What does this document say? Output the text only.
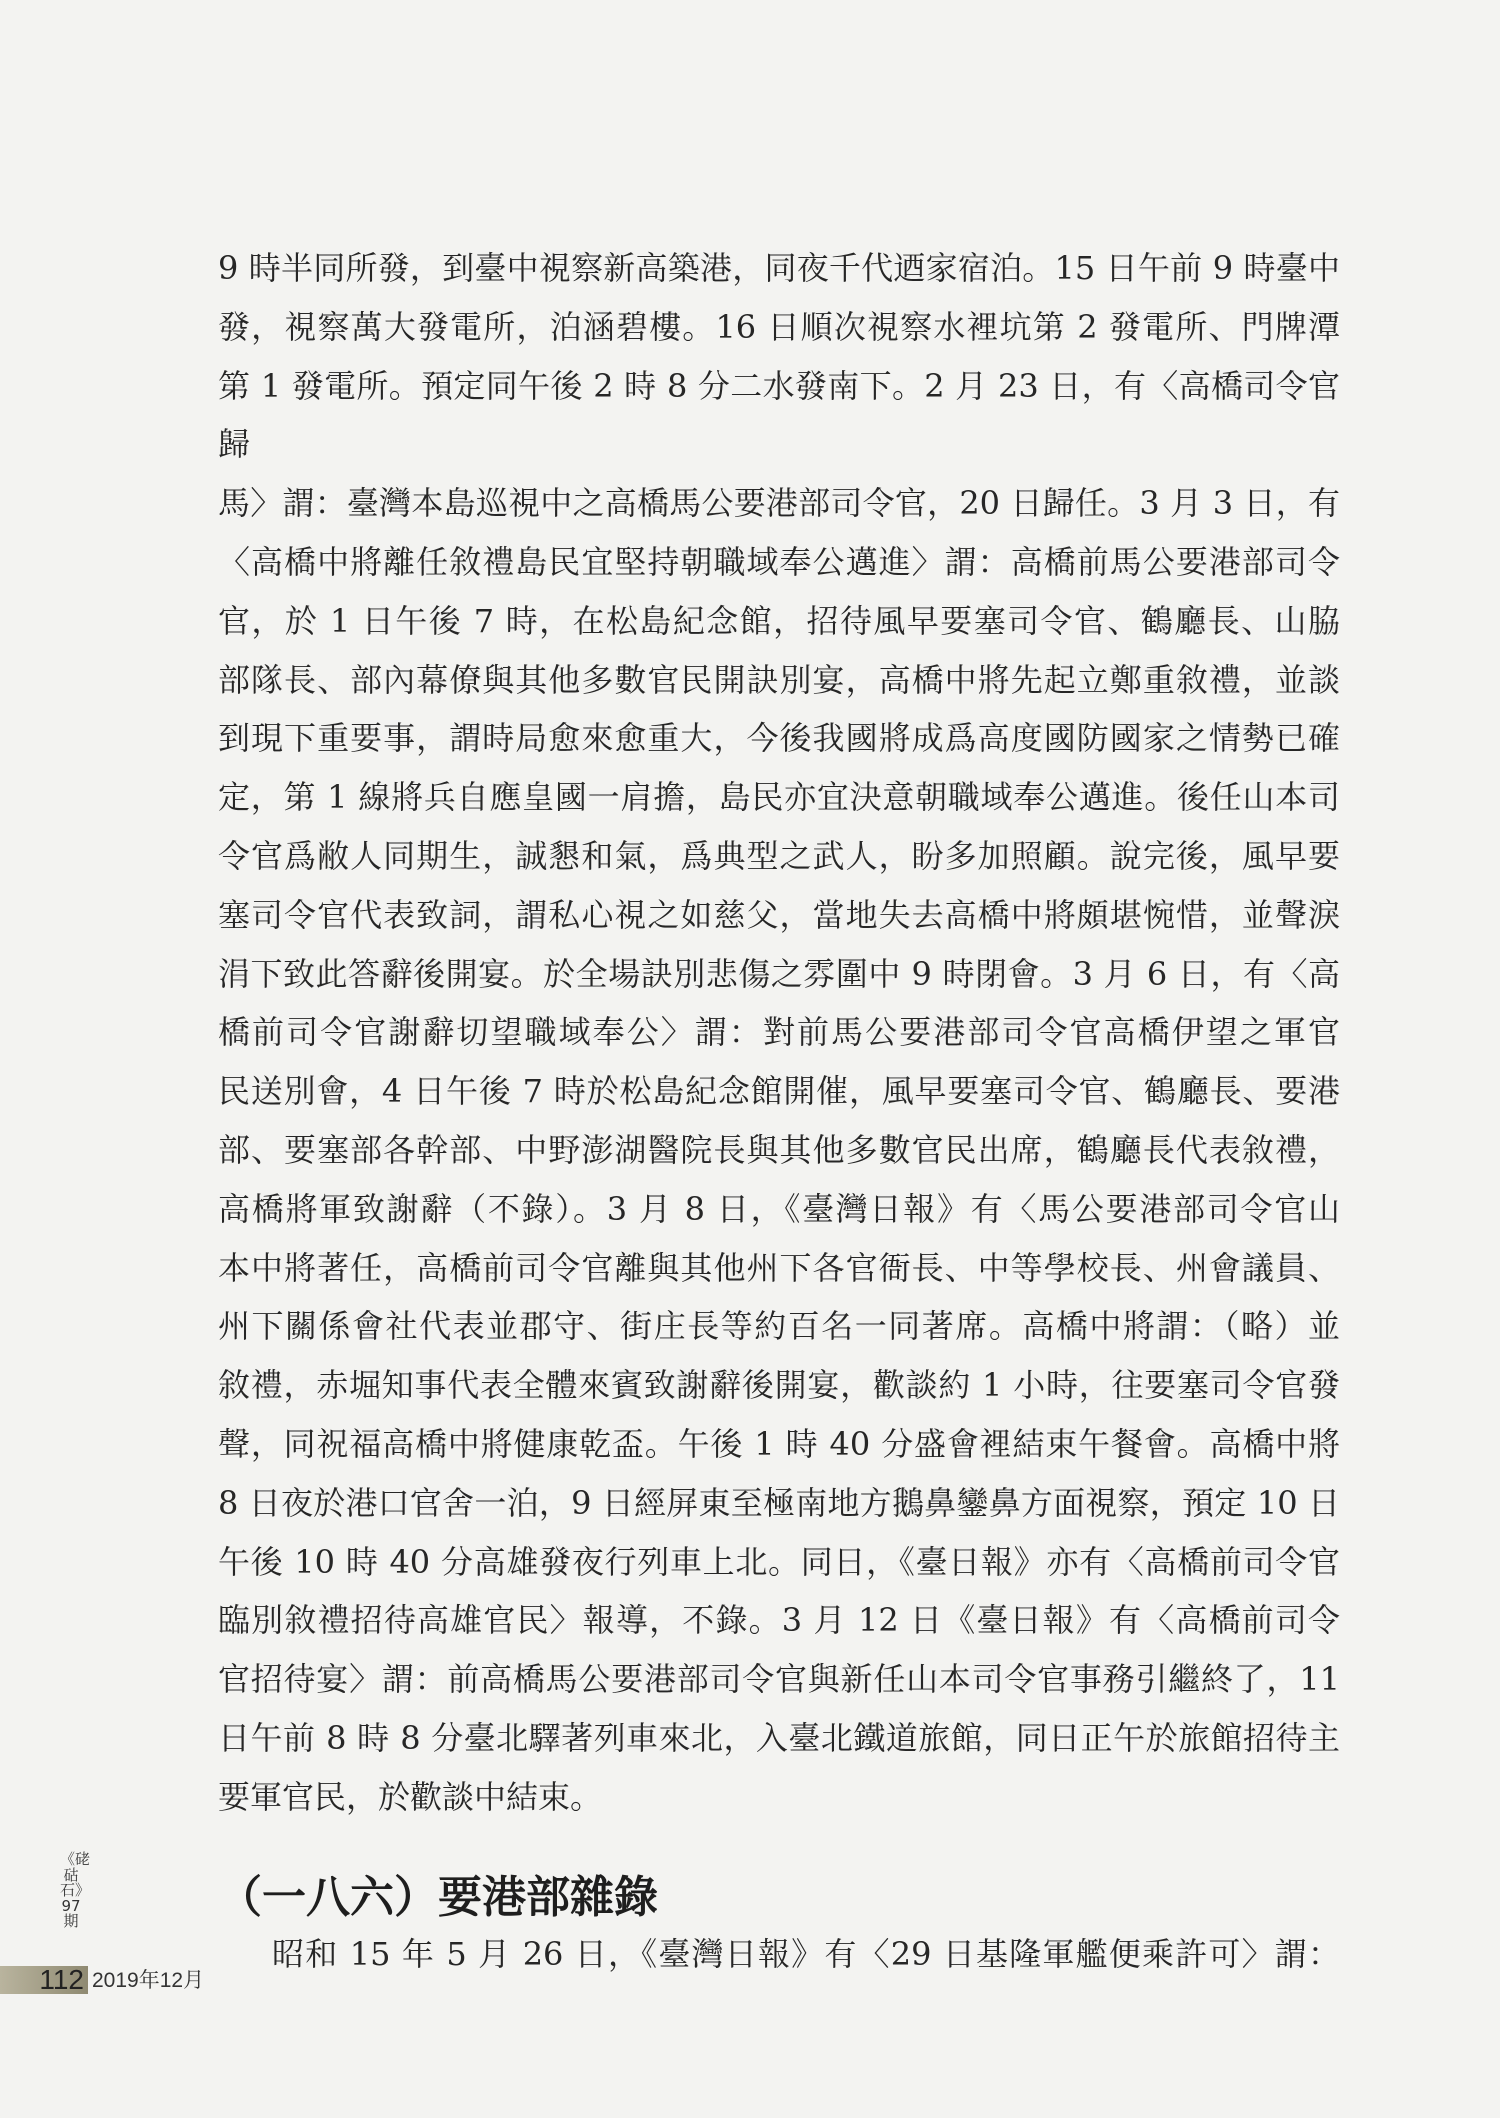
9 時半同所發，到臺中視察新高築港，同夜千代迺家宿泊。15 日午前 9 時臺中
發，視察萬大發電所，泊涵碧樓。16 日順次視察水裡坑第 2 發電所、門牌潭
第 1 發電所。預定同午後 2 時 8 分二水發南下。2 月 23 日，有〈高橋司令官歸
馬〉謂：臺灣本島巡視中之高橋馬公要港部司令官，20 日歸任。3 月 3 日，有
〈高橋中將離任敘禮島民宜堅持朝職域奉公邁進〉謂：高橋前馬公要港部司令
官，於 1 日午後 7 時，在松島紀念館，招待風早要塞司令官、鶴廳長、山脇
部隊長、部內幕僚與其他多數官民開訣別宴，高橋中將先起立鄭重敘禮，並談
到現下重要事，謂時局愈來愈重大，今後我國將成爲高度國防國家之情勢已確
定，第 1 線將兵自應皇國一肩擔，島民亦宜決意朝職域奉公邁進。後任山本司
令官爲敝人同期生，誠懇和氣，爲典型之武人，盼多加照顧。說完後，風早要
塞司令官代表致詞，謂私心視之如慈父，當地失去高橋中將頗堪惋惜，並聲淚
涓下致此答辭後開宴。於全場訣別悲傷之雰圍中 9 時閉會。3 月 6 日，有〈高
橋前司令官謝辭切望職域奉公〉謂：對前馬公要港部司令官高橋伊望之軍官
民送別會，4 日午後 7 時於松島紀念館開催，風早要塞司令官、鶴廳長、要港
部、要塞部各幹部、中野澎湖醫院長與其他多數官民出席，鶴廳長代表敘禮，
高橋將軍致謝辭（不錄）。3 月 8 日，《臺灣日報》有〈馬公要港部司令官山
本中將著任，高橋前司令官離與其他州下各官衙長、中等學校長、州會議員、
州下關係會社代表並郡守、街庄長等約百名一同著席。高橋中將謂：（略）並
敘禮，赤堀知事代表全體來賓致謝辭後開宴，歡談約 1 小時，往要塞司令官發
聲，同祝福高橋中將健康乾盃。午後 1 時 40 分盛會裡結束午餐會。高橋中將
8 日夜於港口官舍一泊，9 日經屏東至極南地方鵝鼻鑾鼻方面視察，預定 10 日
午後 10 時 40 分高雄發夜行列車上北。同日，《臺日報》亦有〈高橋前司令官
臨別敘禮招待高雄官民〉報導，不錄。3 月 12 日《臺日報》有〈高橋前司令
官招待宴〉謂：前高橋馬公要港部司令官與新任山本司令官事務引繼終了，11
日午前 8 時 8 分臺北驛著列車來北，入臺北鐵道旅館，同日正午於旅館招待主
要軍官民，於歡談中結束。
（一八六）要港部雜錄
昭和 15 年 5 月 26 日，《臺灣日報》有〈29 日基隆軍艦便乘許可〉謂：
《硓𥑮石》97期
112 2019年12月
